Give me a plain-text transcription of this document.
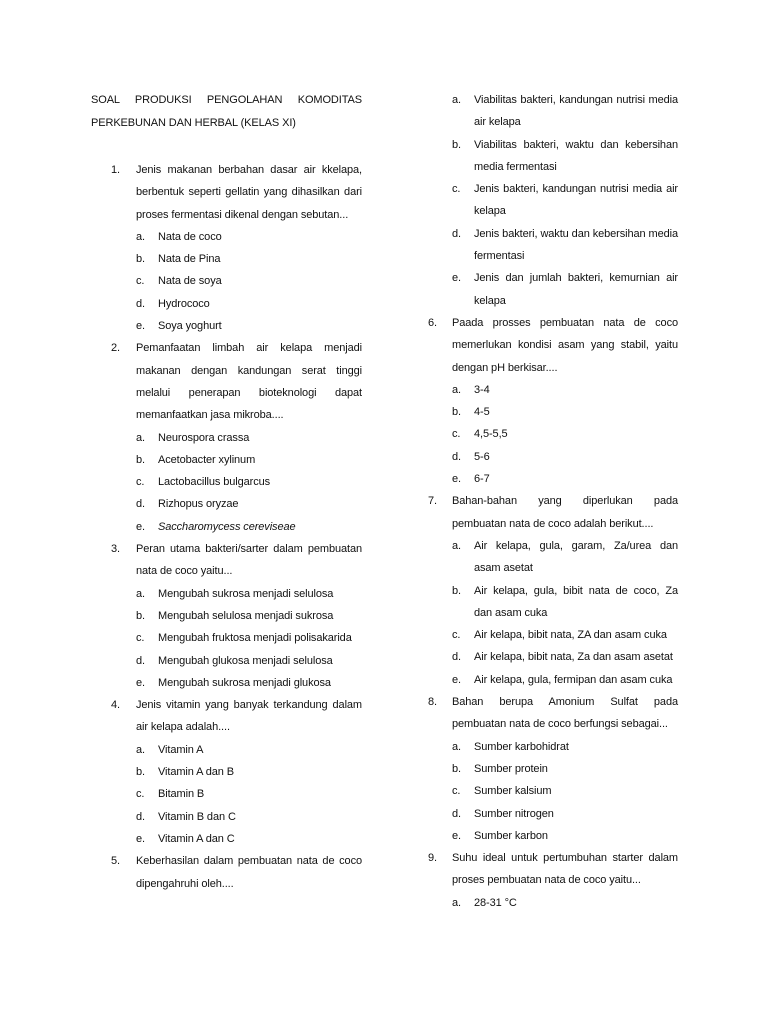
SOAL PRODUKSI PENGOLAHAN KOMODITAS
PERKEBUNAN DAN HERBAL (KELAS XI)
1. Jenis makanan berbahan dasar air kkelapa, berbentuk seperti gellatin yang dihasilkan dari proses fermentasi dikenal dengan sebutan...
a. Nata de coco
b. Nata de Pina
c. Nata de soya
d. Hydrococo
e. Soya yoghurt
2. Pemanfaatan limbah air kelapa menjadi makanan dengan kandungan serat tinggi melalui penerapan bioteknologi dapat memanfaatkan jasa mikroba....
a. Neurospora crassa
b. Acetobacter xylinum
c. Lactobacillus bulgarcus
d. Rizhopus oryzae
e. Saccharomycess cereviseae
3. Peran utama bakteri/sarter dalam pembuatan nata de coco yaitu...
a. Mengubah sukrosa menjadi selulosa
b. Mengubah selulosa menjadi sukrosa
c. Mengubah fruktosa menjadi polisakarida
d. Mengubah glukosa menjadi selulosa
e. Mengubah sukrosa menjadi glukosa
4. Jenis vitamin yang banyak terkandung dalam air kelapa adalah....
a. Vitamin A
b. Vitamin A dan B
c. Bitamin B
d. Vitamin B dan C
e. Vitamin A dan C
5. Keberhasilan dalam pembuatan nata de coco dipengahruhi oleh....
a. Viabilitas bakteri, kandungan nutrisi media air kelapa
b. Viabilitas bakteri, waktu dan kebersihan media fermentasi
c. Jenis bakteri, kandungan nutrisi media air kelapa
d. Jenis bakteri, waktu dan kebersihan media fermentasi
e. Jenis dan jumlah bakteri, kemurnian air kelapa
6. Paada prosses pembuatan nata de coco memerlukan kondisi asam yang stabil, yaitu dengan pH berkisar....
a. 3-4
b. 4-5
c. 4,5-5,5
d. 5-6
e. 6-7
7. Bahan-bahan yang diperlukan pada pembuatan nata de coco adalah berikut....
a. Air kelapa, gula, garam, Za/urea dan asam asetat
b. Air kelapa, gula, bibit nata de coco, Za dan asam cuka
c. Air kelapa, bibit nata, ZA dan asam cuka
d. Air kelapa, bibit nata, Za dan asam asetat
e. Air kelapa, gula, fermipan dan asam cuka
8. Bahan berupa Amonium Sulfat pada pembuatan nata de coco berfungsi sebagai...
a. Sumber karbohidrat
b. Sumber protein
c. Sumber kalsium
d. Sumber nitrogen
e. Sumber karbon
9. Suhu ideal untuk pertumbuhan starter dalam proses pembuatan nata de coco yaitu...
a. 28-31 °C
